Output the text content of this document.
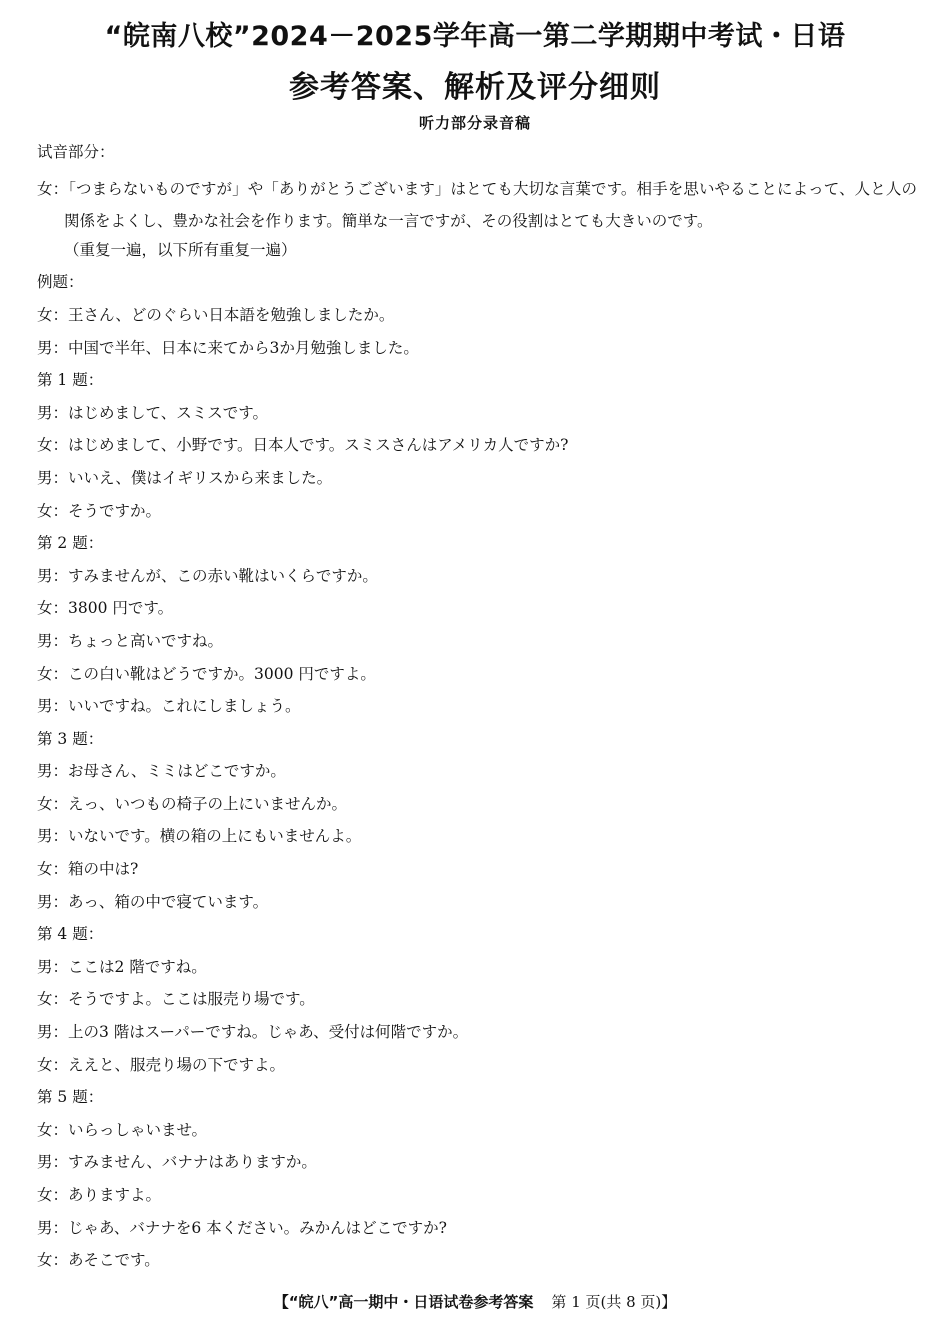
“皖南八校”2024－2025学年高一第二学期期中考试・日语
参考答案、解析及评分细则
听力部分录音稿
试音部分：
女：「つまらないものですが」や「ありがとうございます」はとても大切な言葉です。相手を思いやることによって、人と人の関係をよくし、豊かな社会を作ります。簡単な一言ですが、その役割はとても大きいのです。
（重复一遍，以下所有重复一遍）
例题：
女：王さん、どのぐらい日本語を勉強しましたか。
男：中国で半年、日本に来てから3か月勉強しました。
第 1 题：
男：はじめまして、スミスです。
女：はじめまして、小野です。日本人です。スミスさんはアメリカ人ですか?
男：いいえ、僕はイギリスから来ました。
女：そうですか。
第 2 题：
男：すみませんが、この赤い靴はいくらですか。
女：3800 円です。
男：ちょっと高いですね。
女：この白い靴はどうですか。3000 円ですよ。
男：いいですね。これにしましょう。
第 3 题：
男：お母さん、ミミはどこですか。
女：えっ、いつもの椅子の上にいませんか。
男：いないです。横の箱の上にもいませんよ。
女：箱の中は?
男：あっ、箱の中で寝ています。
第 4 题：
男：ここは2 階ですね。
女：そうですよ。ここは服売り場です。
男：上の3 階はスーパーですね。じゃあ、受付は何階ですか。
女：ええと、服売り場の下ですよ。
第 5 题：
女：いらっしゃいませ。
男：すみません、バナナはありますか。
女：ありますよ。
男：じゃあ、バナナを6 本ください。みかんはどこですか?
女：あそこです。
【“皖八”高一期中・日语试卷参考答案 第 1 页(共 8 页)】
